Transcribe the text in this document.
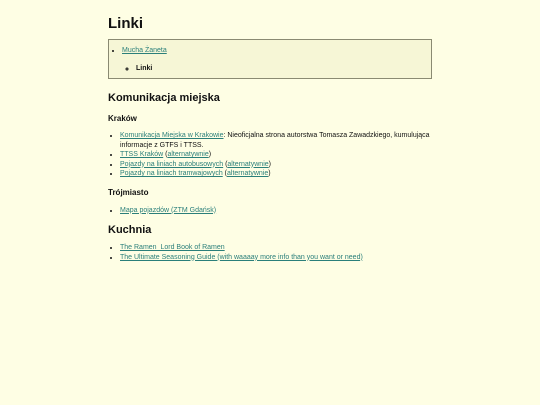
Linki
• Mucha Żaneta
◦ Linki
Komunikacja miejska
Kraków
• Komunikacja Miejska w Krakowie: Nieoficjalna strona autorstwa Tomasza Zawadzkiego, kumulująca informacje z GTFS i TTSS.
• TTSS Kraków (alternatywnie)
• Pojazdy na liniach autobusowych (alternatywnie)
• Pojazdy na liniach tramwajowych (alternatywnie)
Trójmiasto
• Mapa pojazdów (ZTM Gdańsk)
Kuchnia
• The Ramen_Lord Book of Ramen
• The Ultimate Seasoning Guide (with waaaay more info than you want or need)
